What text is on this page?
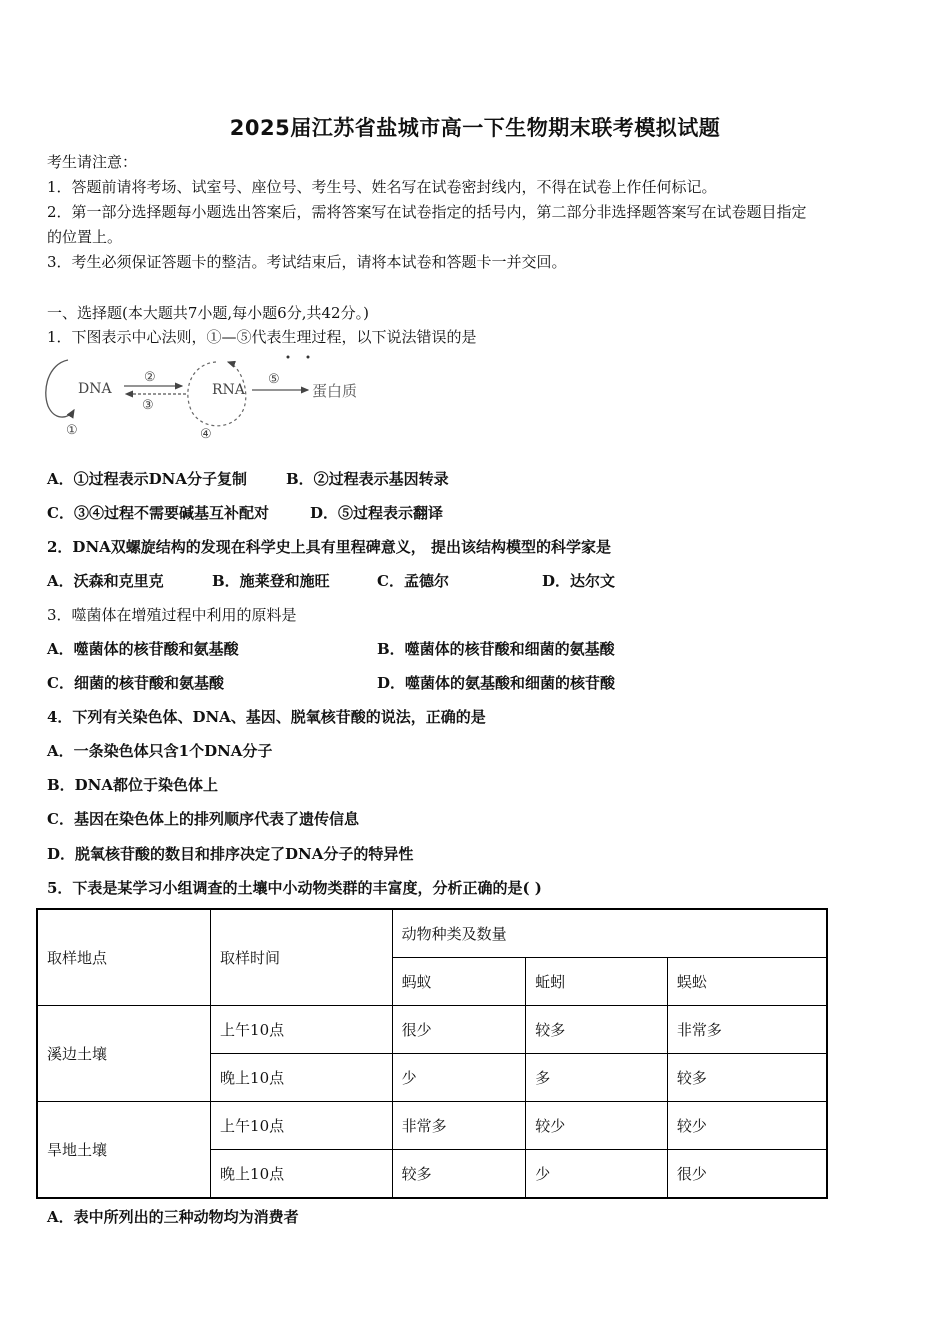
2025届江苏省盐城市高一下生物期末联考模拟试题
考生请注意：
1．答题前请将考场、试室号、座位号、考生号、姓名写在试卷密封线内，不得在试卷上作任何标记。
2．第一部分选择题每小题选出答案后，需将答案写在试卷指定的括号内，第二部分非选择题答案写在试卷题目指定
的位置上。
3．考生必须保证答题卡的整洁。考试结束后，请将本试卷和答题卡一并交回。
一、选择题(本大题共7小题,每小题6分,共42分。)
1．下图表示中心法则，①—⑤代表生理过程，以下说法错误的是
DNA
①
②
③
RNA
④
⑤
蛋白质
A．①过程表示DNA分子复制	B．②过程表示基因转录
C．③④过程不需要碱基互补配对	D．⑤过程表示翻译
2．DNA双螺旋结构的发现在科学史上具有里程碑意义， 提出该结构模型的科学家是
A．沃森和克里克	B．施莱登和施旺	C．孟德尔	D．达尔文
3．噬菌体在增殖过程中利用的原料是
A．噬菌体的核苷酸和氨基酸	B．噬菌体的核苷酸和细菌的氨基酸
C．细菌的核苷酸和氨基酸	D．噬菌体的氨基酸和细菌的核苷酸
4．下列有关染色体、DNA、基因、脱氧核苷酸的说法，正确的是
A．一条染色体只含1个DNA分子
B．DNA都位于染色体上
C．基因在染色体上的排列顺序代表了遗传信息
D．脱氧核苷酸的数目和排序决定了DNA分子的特异性
5．下表是某学习小组调查的土壤中小动物类群的丰富度，分析正确的是( )
取样地点	取样时间	动物种类及数量		
		蚂蚁	蚯蚓	蜈蚣
溪边土壤	上午10点	很少	较多	非常多
	晚上10点	少	多	较多
旱地土壤	上午10点	非常多	较少	较少
	晚上10点	较多	少	很少
A．表中所列出的三种动物均为消费者
